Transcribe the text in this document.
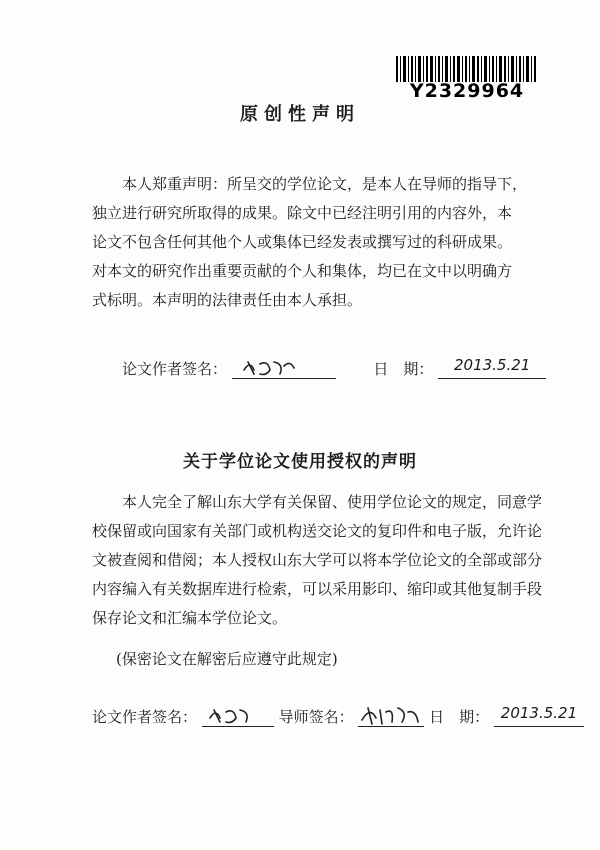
Y2329964
原创性声明
本人郑重声明：所呈交的学位论文，是本人在导师的指导下，
独立进行研究所取得的成果。除文中已经注明引用的内容外，本
论文不包含任何其他个人或集体已经发表或撰写过的科研成果。
对本文的研究作出重要贡献的个人和集体，均已在文中以明确方
式标明。本声明的法律责任由本人承担。
论文作者签名：	日　期： 2013.5.21
关于学位论文使用授权的声明
本人完全了解山东大学有关保留、使用学位论文的规定，同意学
校保留或向国家有关部门或机构送交论文的复印件和电子版，允许论
文被查阅和借阅；本人授权山东大学可以将本学位论文的全部或部分
内容编入有关数据库进行检索，可以采用影印、缩印或其他复制手段
保存论文和汇编本学位论文。
(保密论文在解密后应遵守此规定)
论文作者签名：	导师签名：	日　期： 2013.5.21
